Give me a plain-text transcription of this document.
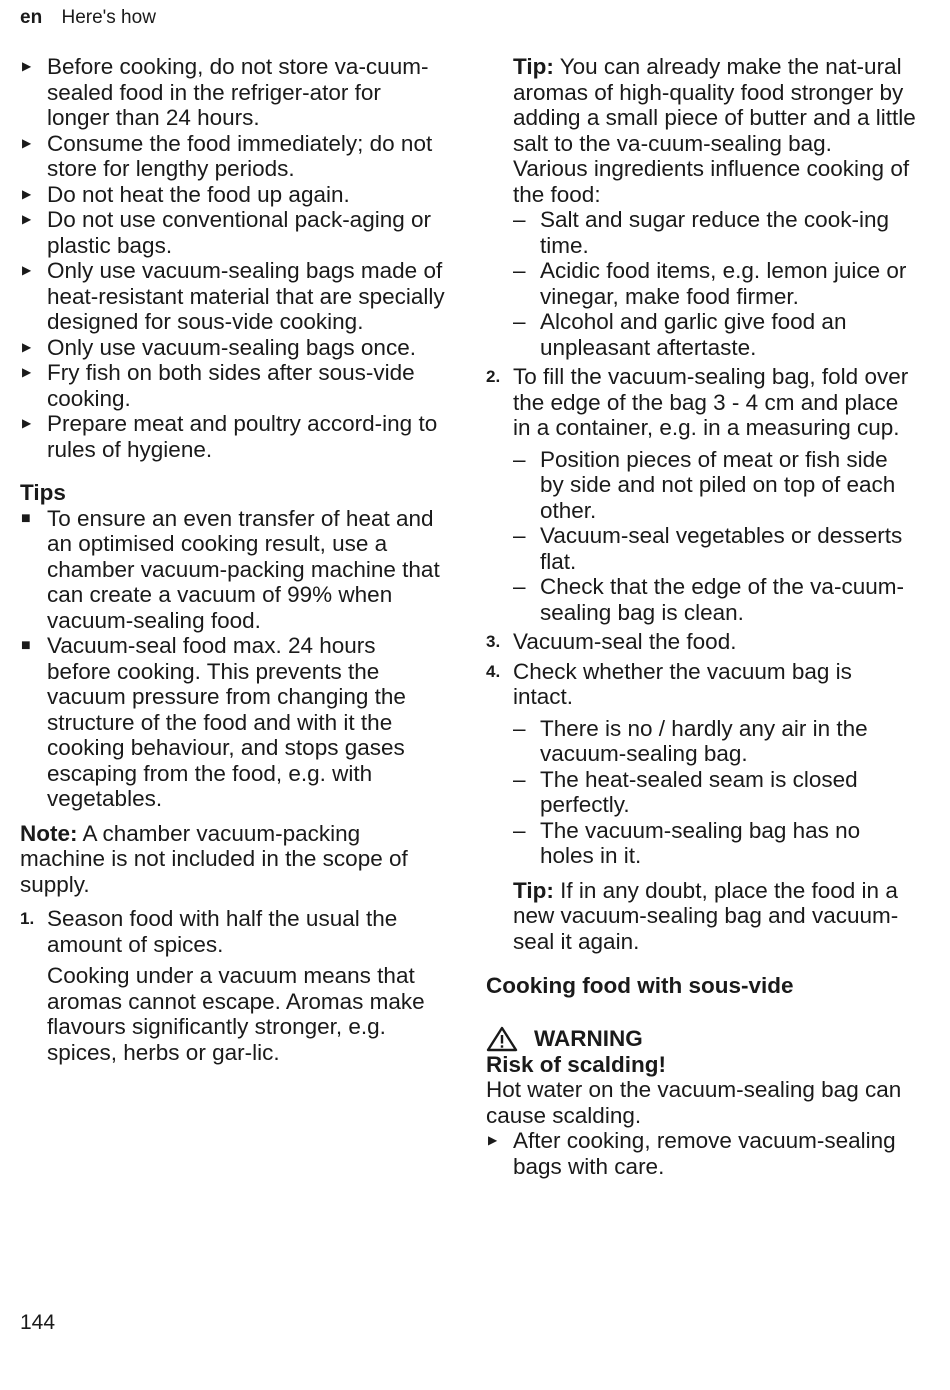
en Here's how
▶ Before cooking, do not store va-cuum-sealed food in the refriger-ator for longer than 24 hours.
▶ Consume the food immediately; do not store for lengthy periods.
▶ Do not heat the food up again.
▶ Do not use conventional pack-aging or plastic bags.
▶ Only use vacuum-sealing bags made of heat-resistant material that are specially designed for sous-vide cooking.
▶ Only use vacuum-sealing bags once.
▶ Fry fish on both sides after sous-vide cooking.
▶ Prepare meat and poultry accord-ing to rules of hygiene.
Tips
■ To ensure an even transfer of heat and an optimised cooking result, use a chamber vacuum-packing machine that can create a vacuum of 99% when vacuum-sealing food.
■ Vacuum-seal food max. 24 hours before cooking. This prevents the vacuum pressure from changing the structure of the food and with it the cooking behaviour, and stops gases escaping from the food, e.g. with vegetables.
Note: A chamber vacuum-packing machine is not included in the scope of supply.
1. Season food with half the usual the amount of spices.
Cooking under a vacuum means that aromas cannot escape. Aromas make flavours significantly stronger, e.g. spices, herbs or gar-lic.
Tip: You can already make the nat-ural aromas of high-quality food stronger by adding a small piece of butter and a little salt to the va-cuum-sealing bag.
Various ingredients influence cooking of the food:
– Salt and sugar reduce the cook-ing time.
– Acidic food items, e.g. lemon juice or vinegar, make food firmer.
– Alcohol and garlic give food an unpleasant aftertaste.
2. To fill the vacuum-sealing bag, fold over the edge of the bag 3 - 4 cm and place in a container, e.g. in a measuring cup.
– Position pieces of meat or fish side by side and not piled on top of each other.
– Vacuum-seal vegetables or desserts flat.
– Check that the edge of the va-cuum-sealing bag is clean.
3. Vacuum-seal the food.
4. Check whether the vacuum bag is intact.
– There is no / hardly any air in the vacuum-sealing bag.
– The heat-sealed seam is closed perfectly.
– The vacuum-sealing bag has no holes in it.
Tip: If in any doubt, place the food in a new vacuum-sealing bag and vacuum-seal it again.
Cooking food with sous-vide
WARNING
Risk of scalding!
Hot water on the vacuum-sealing bag can cause scalding.
▶ After cooking, remove vacuum-sealing bags with care.
144
